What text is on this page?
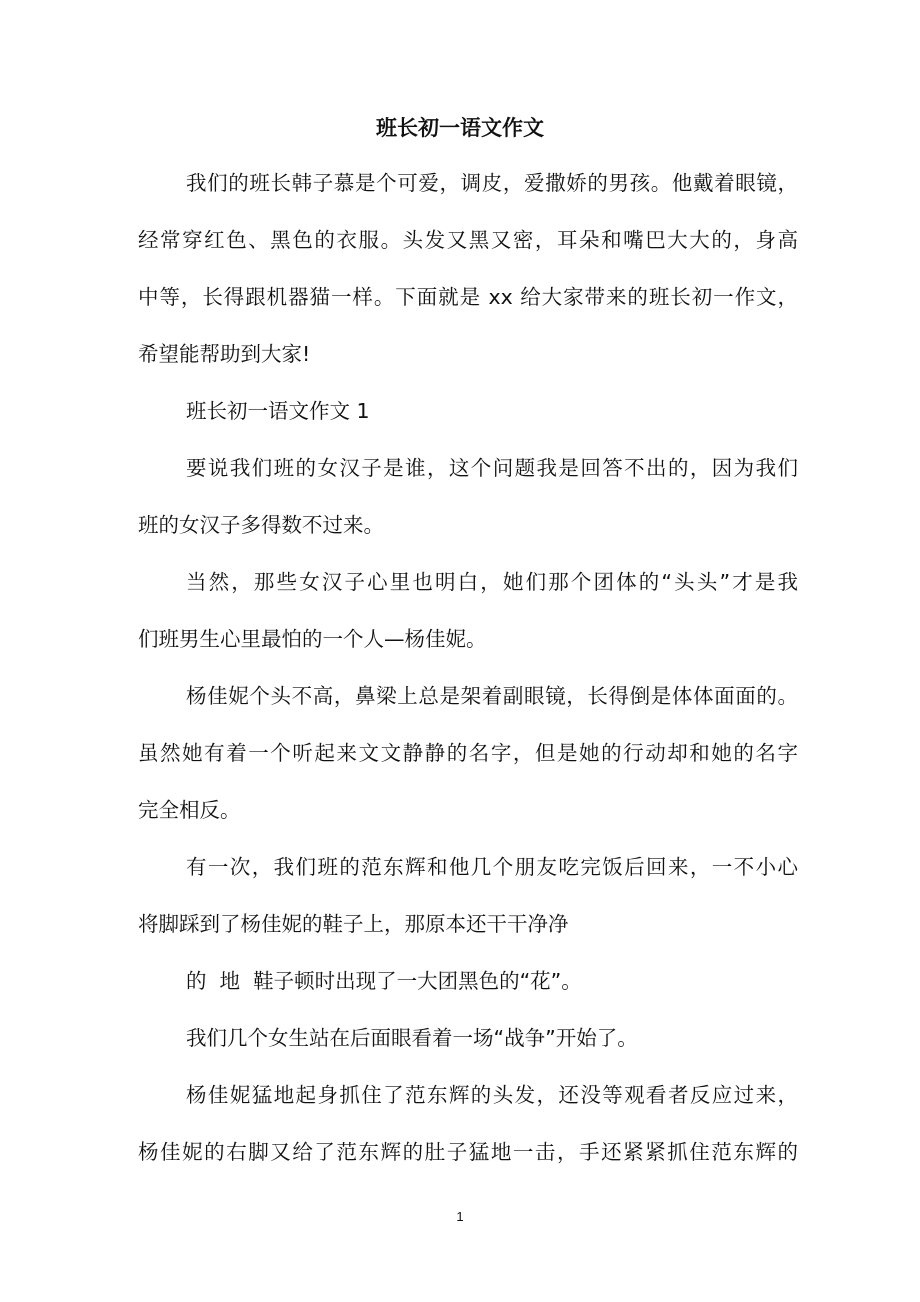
班长初一语文作文

我们的班长韩子慕是个可爱，调皮，爱撒娇的男孩。他戴着眼镜，

经常穿红色、黑色的衣服。头发又黑又密，耳朵和嘴巴大大的，身高

中等，长得跟机器猫一样。下面就是 xx 给大家带来的班长初一作文，

希望能帮助到大家!

班长初一语文作文 1

要说我们班的女汉子是谁，这个问题我是回答不出的，因为我们

班的女汉子多得数不过来。

当然，那些女汉子心里也明白，她们那个团体的“头头”才是我

们班男生心里最怕的一个人—杨佳妮。

杨佳妮个头不高，鼻梁上总是架着副眼镜，长得倒是体体面面的。

虽然她有着一个听起来文文静静的名字，但是她的行动却和她的名字

完全相反。

有一次，我们班的范东辉和他几个朋友吃完饭后回来，一不小心

将脚踩到了杨佳妮的鞋子上，那原本还干干净净

的  地  鞋子顿时出现了一大团黑色的“花”。

我们几个女生站在后面眼看着一场“战争”开始了。

杨佳妮猛地起身抓住了范东辉的头发，还没等观看者反应过来，

杨佳妮的右脚又给了范东辉的肚子猛地一击，手还紧紧抓住范东辉的

1
